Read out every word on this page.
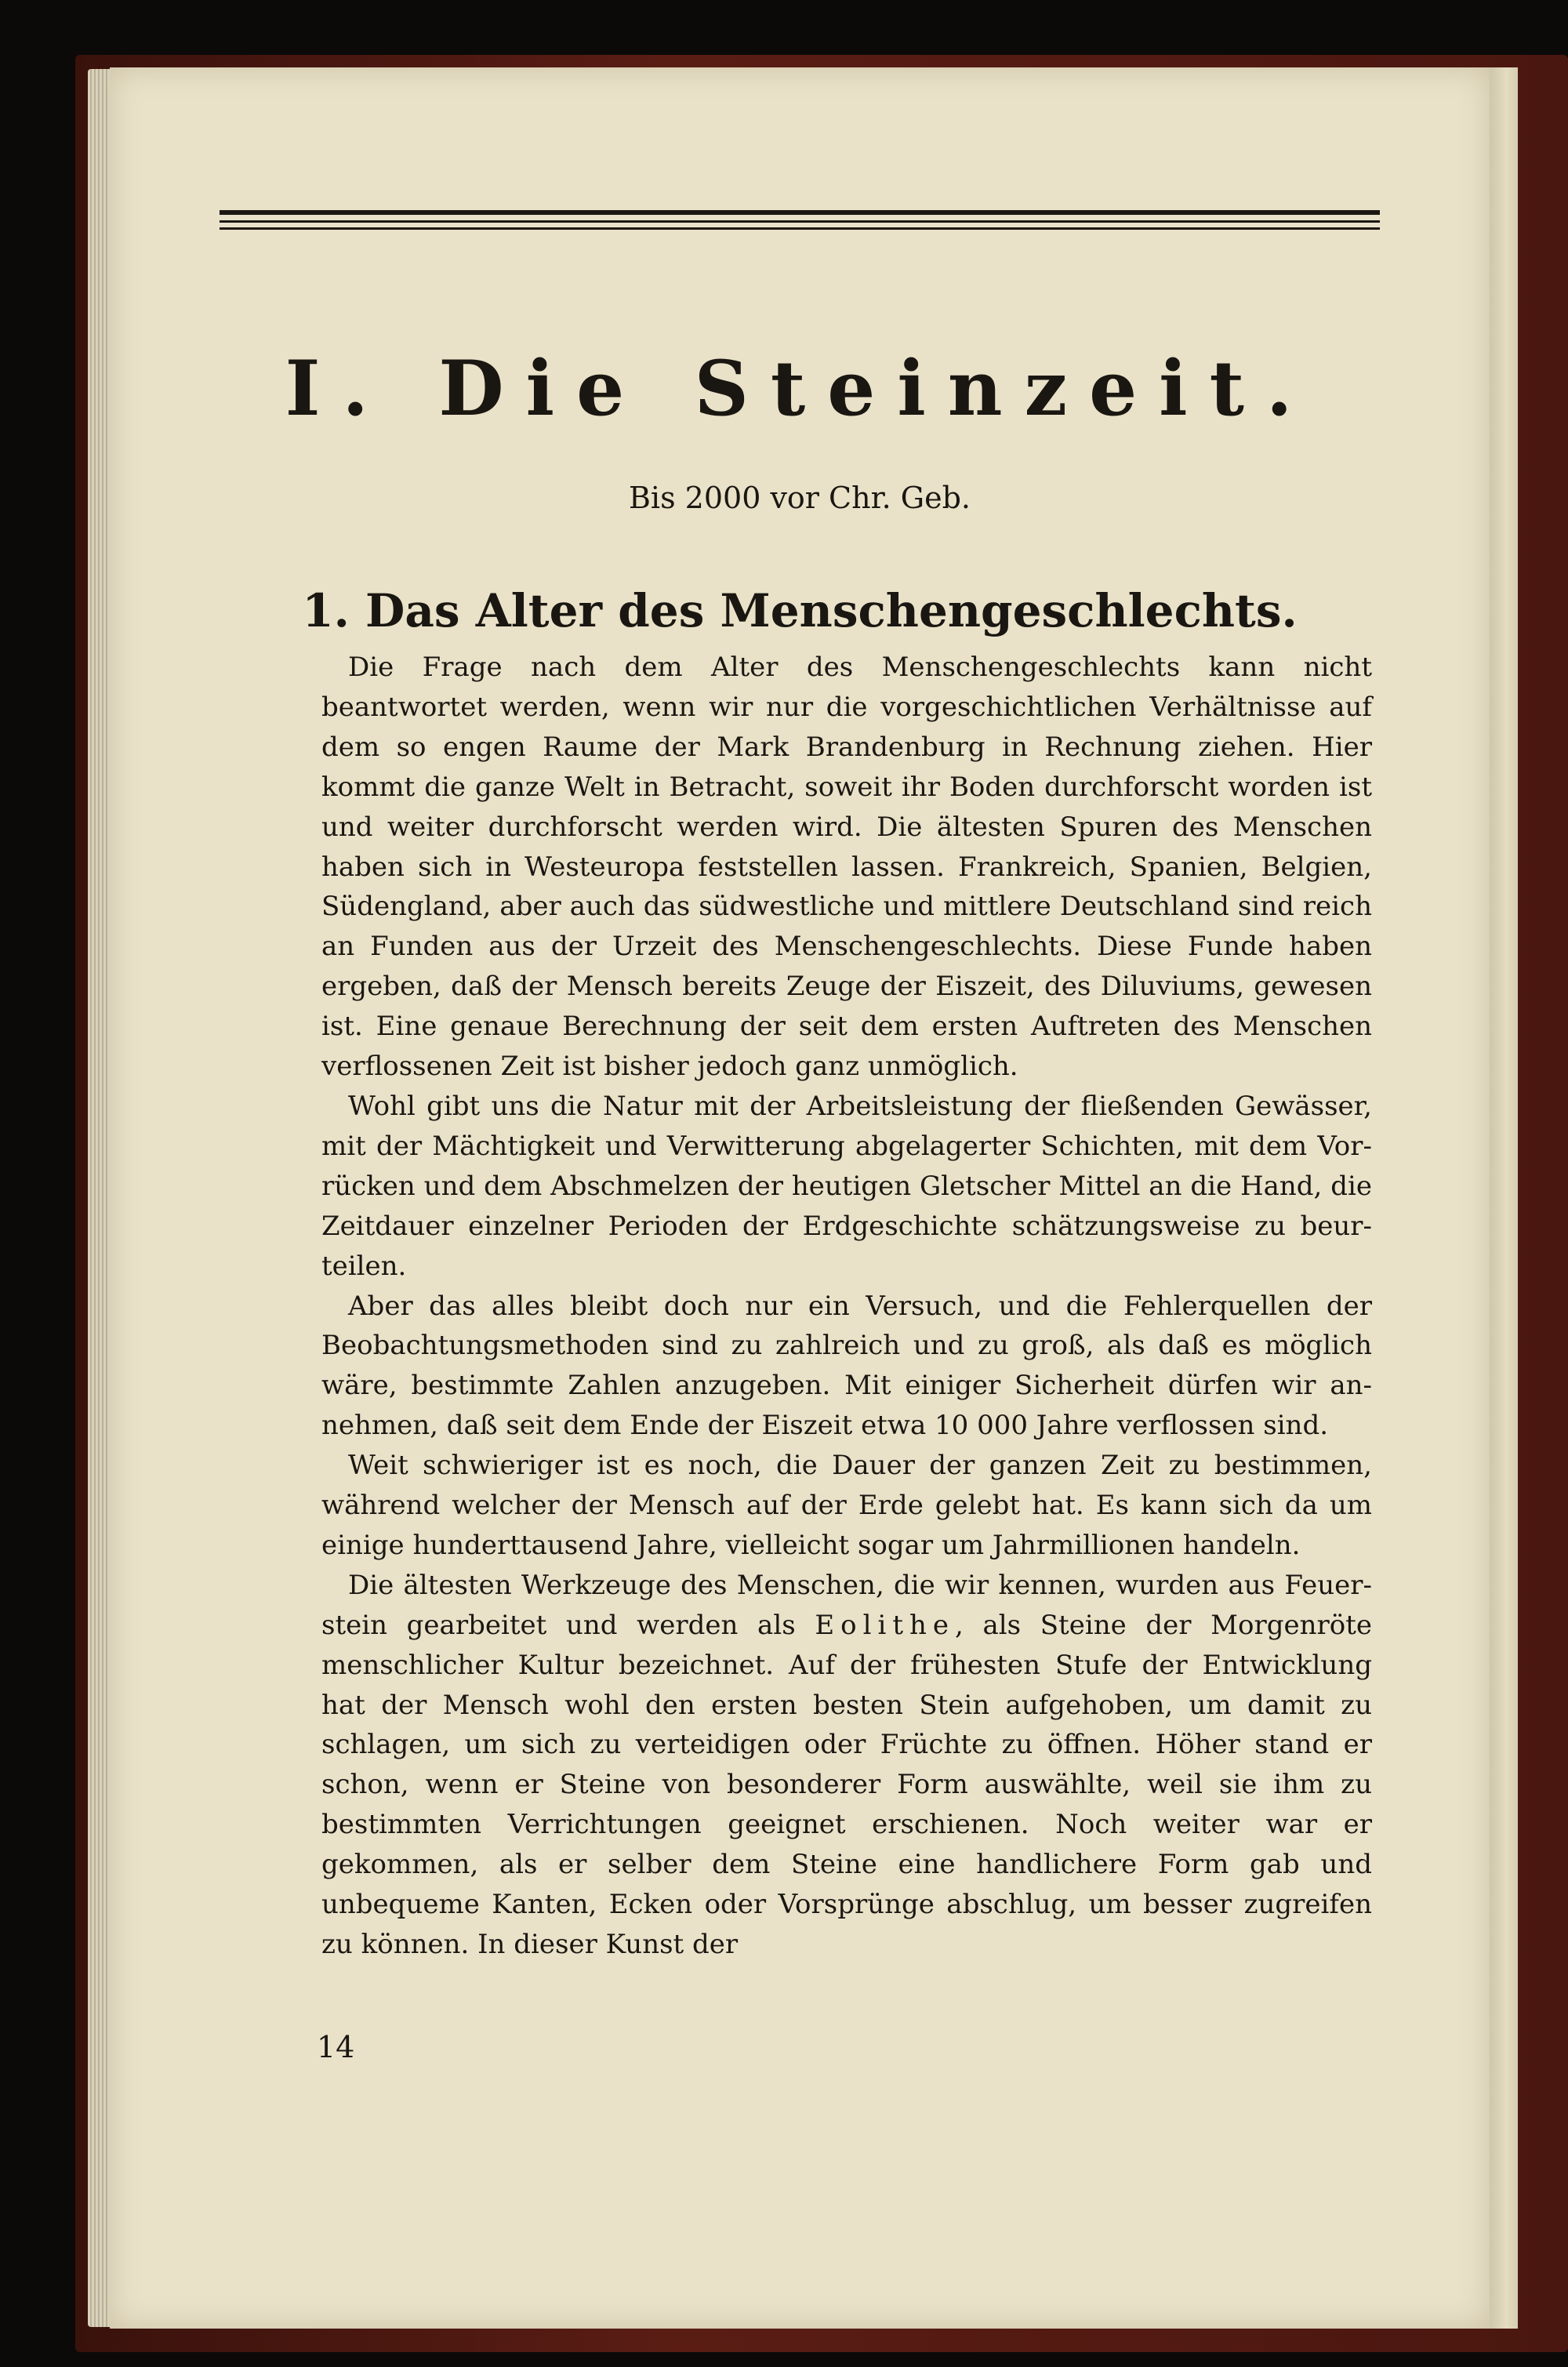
I. Die Steinzeit.
Bis 2000 vor Chr. Geb.
1. Das Alter des Menschengeschlechts.

Die Frage nach dem Alter des Menschengeschlechts kann nicht beantwortet werden, wenn wir nur die vorgeschichtlichen Verhältnisse auf dem so engen Raume der Mark Brandenburg in Rechnung ziehen. Hier kommt die ganze Welt in Betracht, soweit ihr Boden durchforscht worden ist und weiter durchforscht werden wird. Die ältesten Spuren des Menschen haben sich in Westeuropa feststellen lassen. Frankreich, Spanien, Belgien, Südengland, aber auch das südwestliche und mittlere Deutschland sind reich an Funden aus der Urzeit des Menschengeschlechts. Diese Funde haben ergeben, daß der Mensch bereits Zeuge der Eiszeit, des Diluviums, gewesen ist. Eine genaue Berechnung der seit dem ersten Auftreten des Menschen verflossenen Zeit ist bisher jedoch ganz unmöglich.

Wohl gibt uns die Natur mit der Arbeitsleistung der fließenden Gewässer, mit der Mächtigkeit und Verwitterung abgelagerter Schichten, mit dem Vorrücken und dem Abschmelzen der heutigen Gletscher Mittel an die Hand, die Zeitdauer einzelner Perioden der Erdgeschichte schätzungsweise zu beurteilen.

Aber das alles bleibt doch nur ein Versuch, und die Fehlerquellen der Beobachtungsmethoden sind zu zahlreich und zu groß, als daß es möglich wäre, bestimmte Zahlen anzugeben. Mit einiger Sicherheit dürfen wir annehmen, daß seit dem Ende der Eiszeit etwa 10 000 Jahre verflossen sind.

Weit schwieriger ist es noch, die Dauer der ganzen Zeit zu bestimmen, während welcher der Mensch auf der Erde gelebt hat. Es kann sich da um einige hunderttausend Jahre, vielleicht sogar um Jahrmillionen handeln.

Die ältesten Werkzeuge des Menschen, die wir kennen, wurden aus Feuerstein gearbeitet und werden als Eolithe, als Steine der Morgenröte menschlicher Kultur bezeichnet. Auf der frühesten Stufe der Entwicklung hat der Mensch wohl den ersten besten Stein aufgehoben, um damit zu schlagen, um sich zu verteidigen oder Früchte zu öffnen. Höher stand er schon, wenn er Steine von besonderer Form auswählte, weil sie ihm zu bestimmten Verrichtungen geeignet erschienen. Noch weiter war er gekommen, als er selber dem Steine eine handlichere Form gab und unbequeme Kanten, Ecken oder Vorsprünge abschlug, um besser zugreifen zu können. In dieser Kunst der

14
